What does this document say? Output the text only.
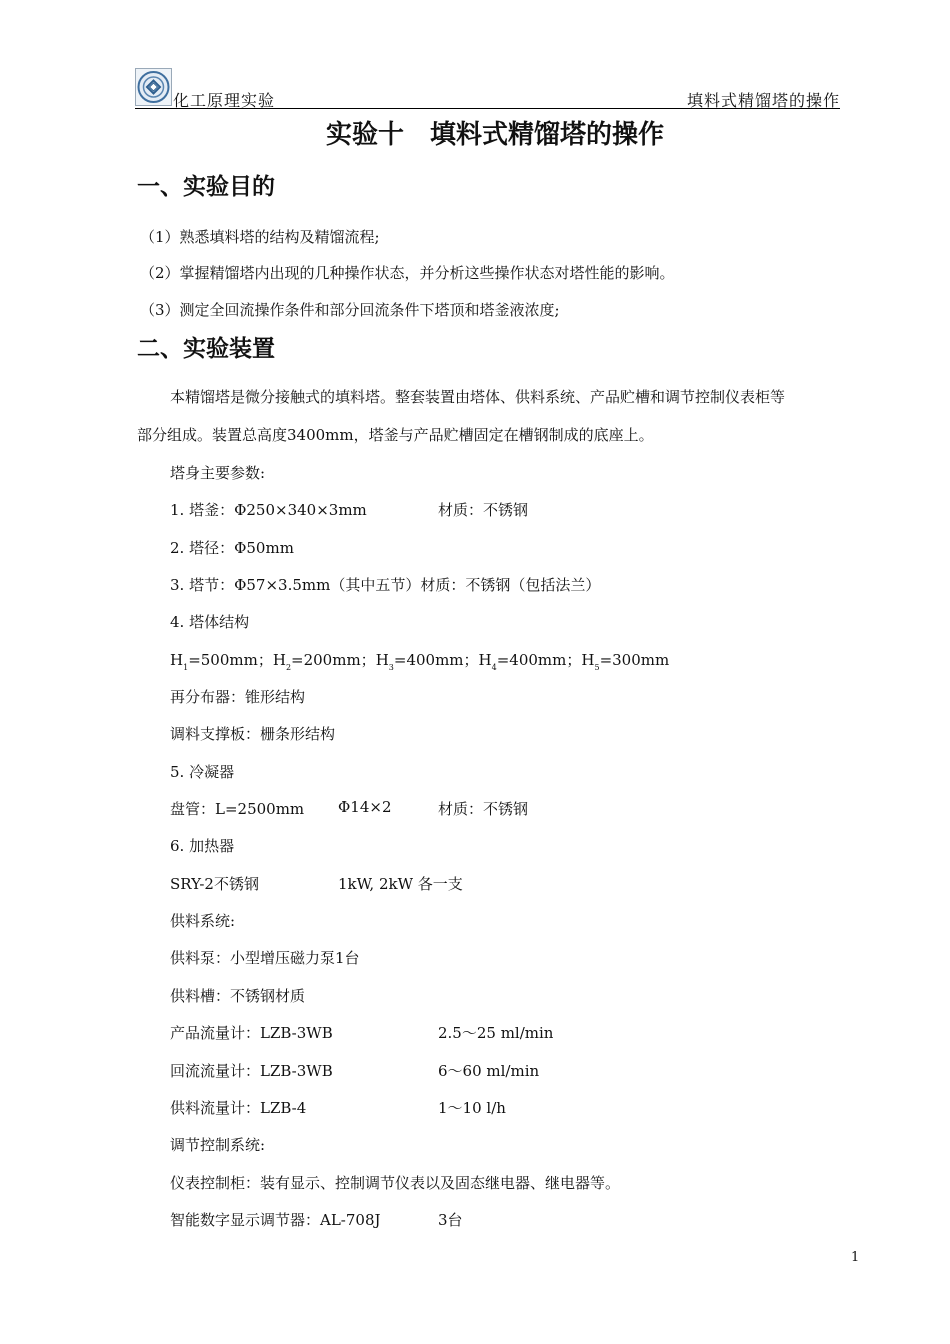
化工原理实验	填料式精馏塔的操作
实验十　填料式精馏塔的操作
一、实验目的
（1）熟悉填料塔的结构及精馏流程;
（2）掌握精馏塔内出现的几种操作状态，并分析这些操作状态对塔性能的影响。
（3）测定全回流操作条件和部分回流条件下塔顶和塔釜液浓度;
二、实验装置
本精馏塔是微分接触式的填料塔。整套装置由塔体、供料系统、产品贮槽和调节控制仪表柜等
部分组成。装置总高度3400mm，塔釜与产品贮槽固定在槽钢制成的底座上。
塔身主要参数:
1. 塔釜：Φ250×340×3mm	材质：不锈钢
2. 塔径：Φ50mm
3. 塔节：Φ57×3.5mm（其中五节）材质：不锈钢（包括法兰）
4. 塔体结构
$H_1=500mm$；$H_2=200mm$；$H_3=400mm$；$H_4=400mm$；$H_5=300mm$
再分布器：锥形结构
调料支撑板：栅条形结构
5. 冷凝器
盘管：L=2500mm Φ14×2	材质：不锈钢
6. 加热器
SRY-2不锈钢	1kW, 2kW 各一支
供料系统:
供料泵：小型增压磁力泵1台
供料槽：不锈钢材质
产品流量计：LZB-3WB	2.5～25 ml/min
回流流量计：LZB-3WB	6～60 ml/min
供料流量计：LZB-4	1～10 l/h
调节控制系统:
仪表控制柜：装有显示、控制调节仪表以及固态继电器、继电器等。
智能数字显示调节器：AL-708J	3台
1
